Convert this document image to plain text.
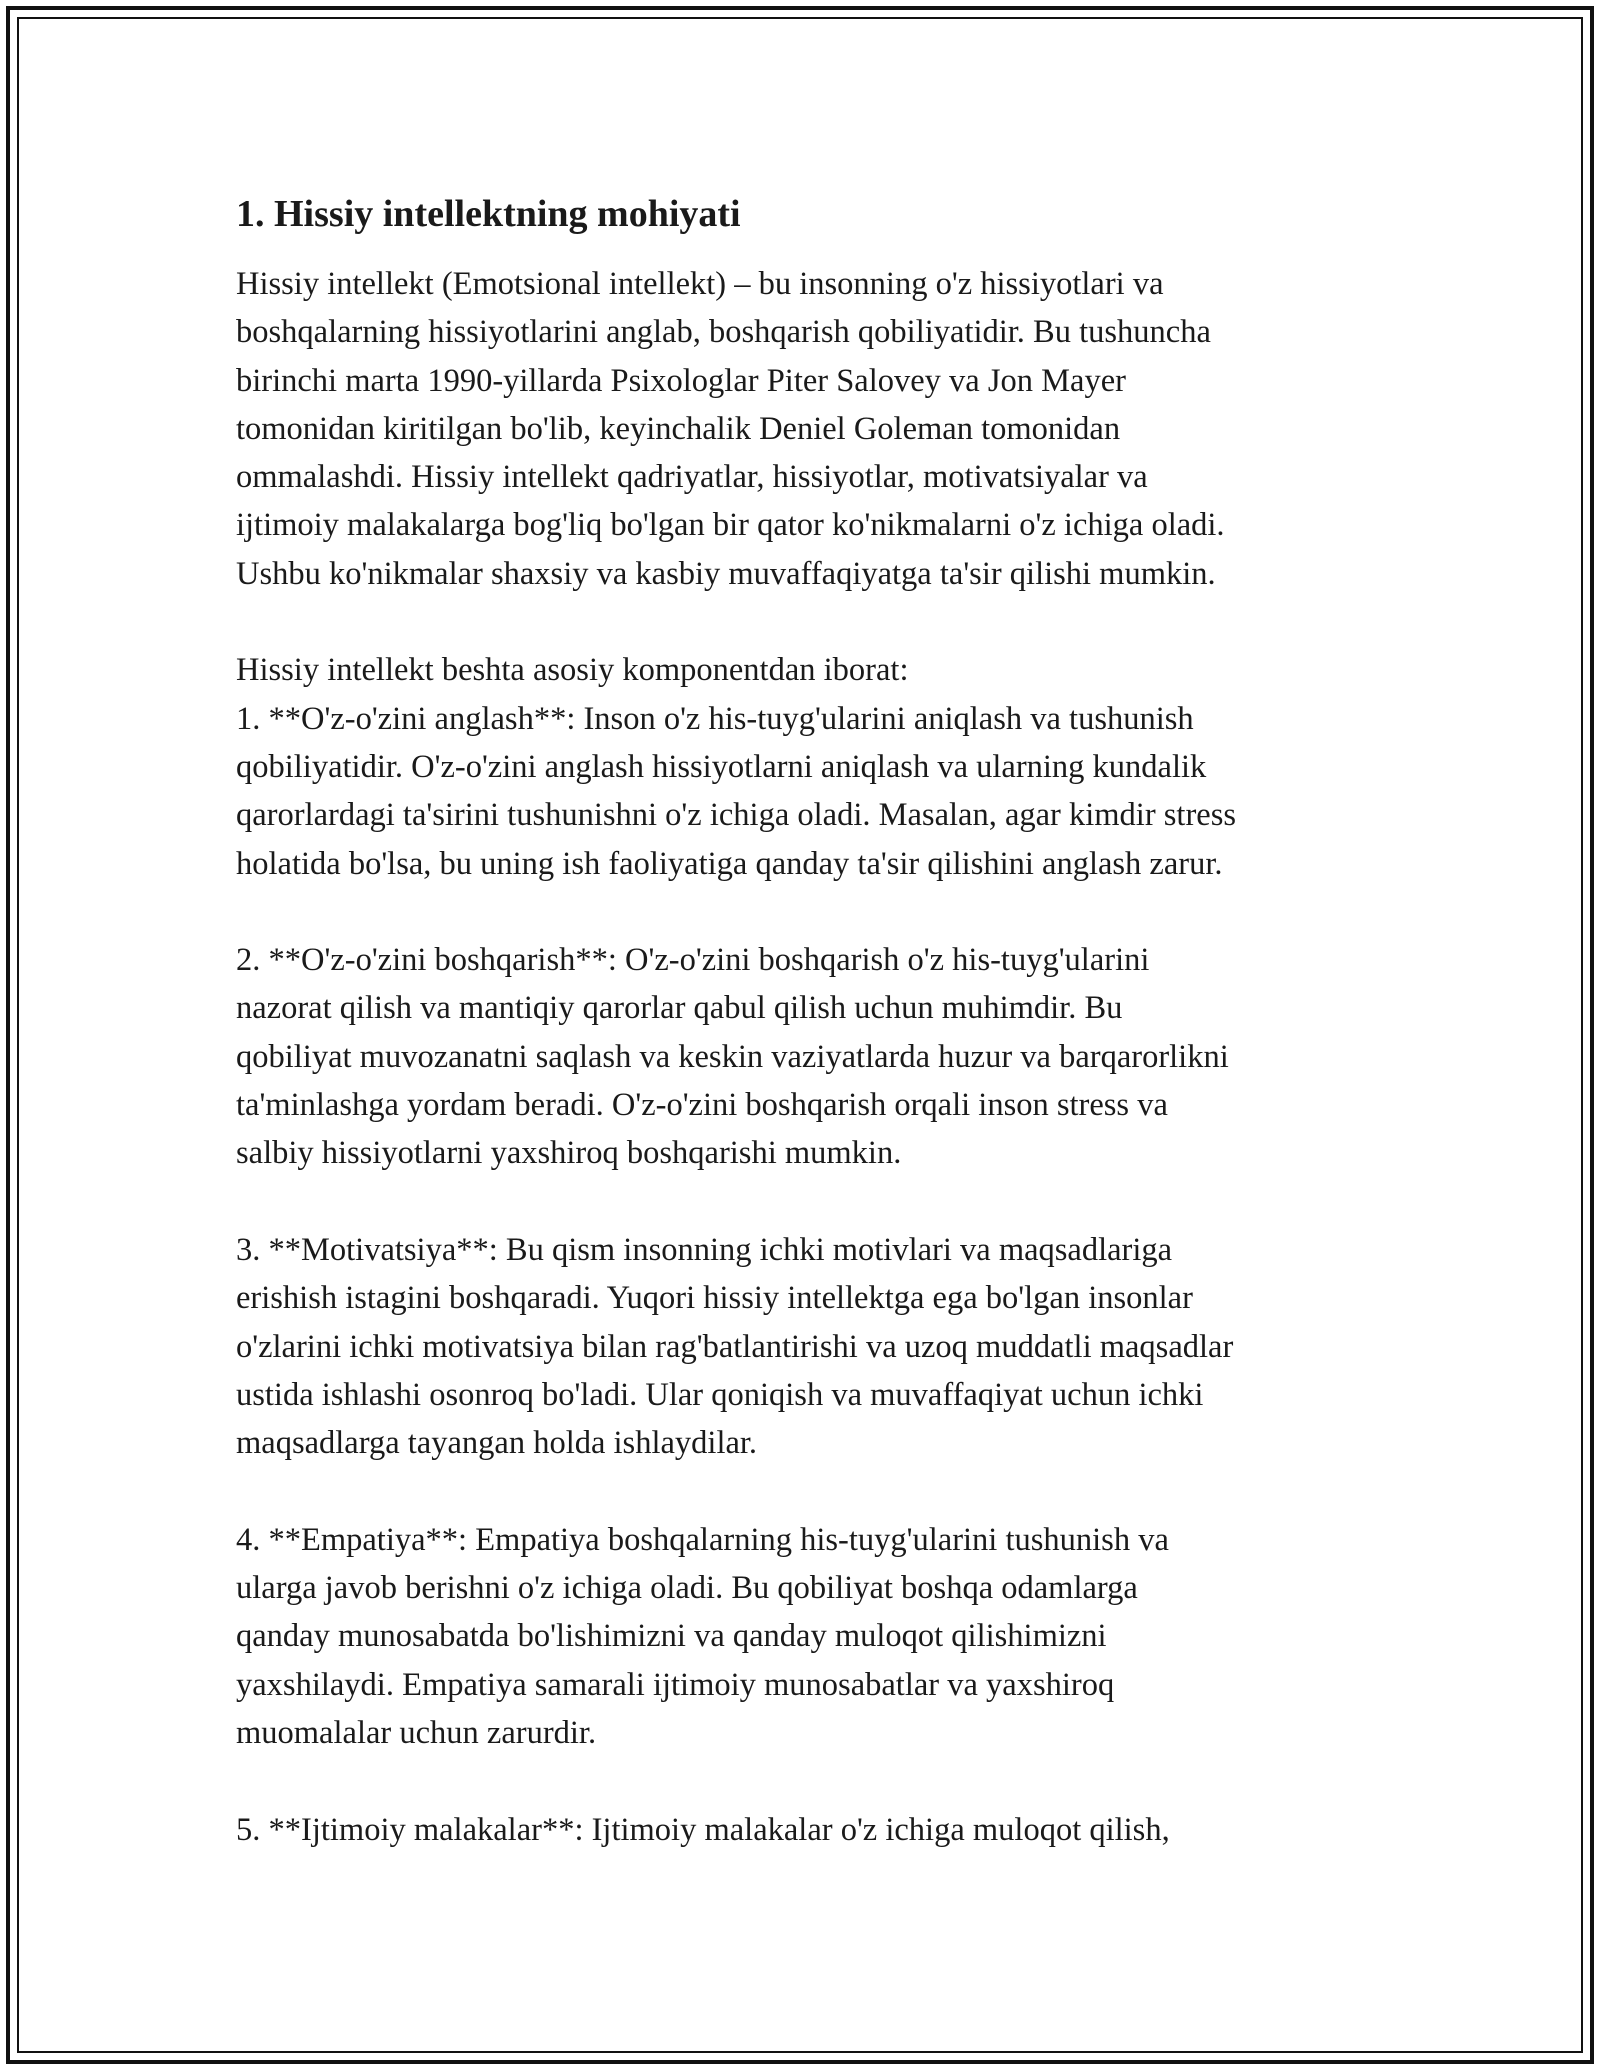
1. Hissiy intellektning mohiyati

Hissiy intellekt (Emotsional intellekt) – bu insonning o'z hissiyotlari va
boshqalarning hissiyotlarini anglab, boshqarish qobiliyatidir. Bu tushuncha
birinchi marta 1990-yillarda Psixologlar Piter Salovey va Jon Mayer
tomonidan kiritilgan bo'lib, keyinchalik Deniel Goleman tomonidan
ommalashdi. Hissiy intellekt qadriyatlar, hissiyotlar, motivatsiyalar va
ijtimoiy malakalarga bog'liq bo'lgan bir qator ko'nikmalarni o'z ichiga oladi.
Ushbu ko'nikmalar shaxsiy va kasbiy muvaffaqiyatga ta'sir qilishi mumkin.

Hissiy intellekt beshta asosiy komponentdan iborat:

1. **O'z-o'zini anglash**: Inson o'z his-tuyg'ularini aniqlash va tushunish
qobiliyatidir. O'z-o'zini anglash hissiyotlarni aniqlash va ularning kundalik
qarorlardagi ta'sirini tushunishni o'z ichiga oladi. Masalan, agar kimdir stress
holatida bo'lsa, bu uning ish faoliyatiga qanday ta'sir qilishini anglash zarur.

2. **O'z-o'zini boshqarish**: O'z-o'zini boshqarish o'z his-tuyg'ularini
nazorat qilish va mantiqiy qarorlar qabul qilish uchun muhimdir. Bu
qobiliyat muvozanatni saqlash va keskin vaziyatlarda huzur va barqarorlikni
ta'minlashga yordam beradi. O'z-o'zini boshqarish orqali inson stress va
salbiy hissiyotlarni yaxshiroq boshqarishi mumkin.

3. **Motivatsiya**: Bu qism insonning ichki motivlari va maqsadlariga
erishish istagini boshqaradi. Yuqori hissiy intellektga ega bo'lgan insonlar
o'zlarini ichki motivatsiya bilan rag'batlantirishi va uzoq muddatli maqsadlar
ustida ishlashi osonroq bo'ladi. Ular qoniqish va muvaffaqiyat uchun ichki
maqsadlarga tayangan holda ishlaydilar.

4. **Empatiya**: Empatiya boshqalarning his-tuyg'ularini tushunish va
ularga javob berishni o'z ichiga oladi. Bu qobiliyat boshqa odamlarga
qanday munosabatda bo'lishimizni va qanday muloqot qilishimizni
yaxshilaydi. Empatiya samarali ijtimoiy munosabatlar va yaxshiroq
muomalalar uchun zarurdir.

5. **Ijtimoiy malakalar**: Ijtimoiy malakalar o'z ichiga muloqot qilish,
